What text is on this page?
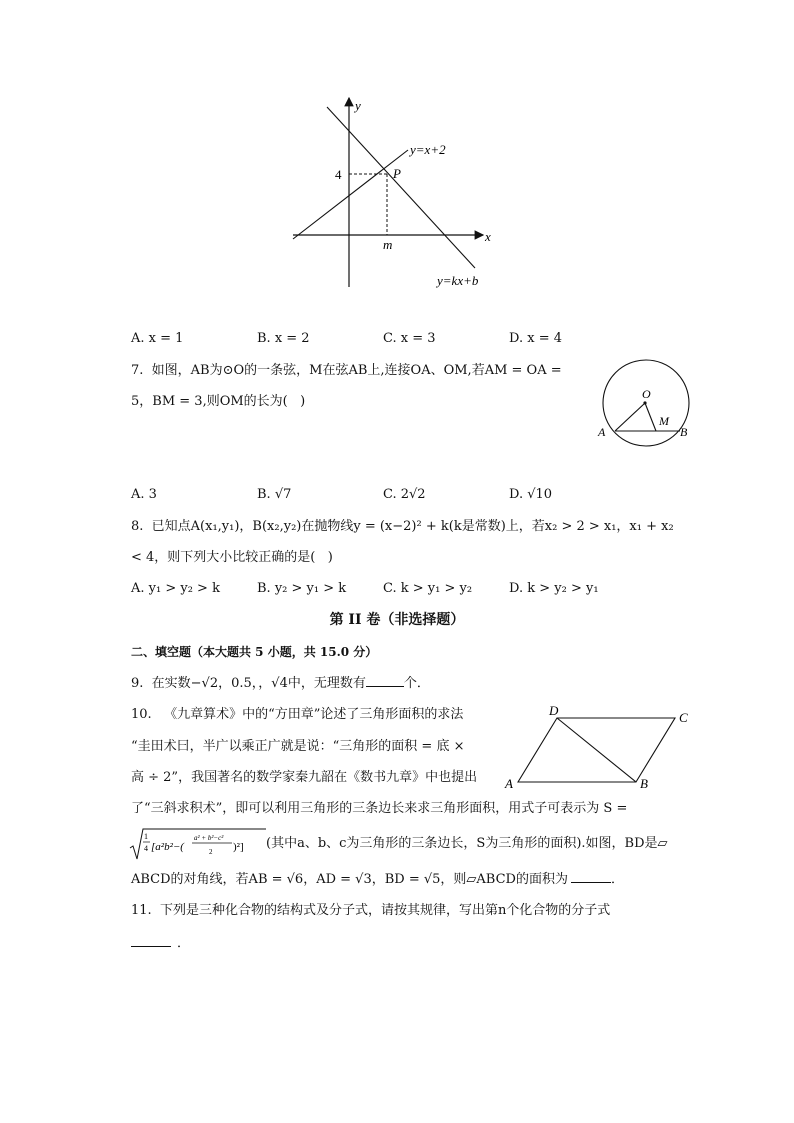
y
x
y=x+2
y=kx+b
P
4
m
A. x = 1	B. x = 2	C. x = 3	D. x = 4
7.  如图，AB为⊙O的一条弦，M在弦AB上,连接OA、OM,若AM = OA =
5，BM = 3,则OM的长为(   )	O
M
A	B
A. 3	B. √7	C. 2√2	D. √10
8.  已知点A(x₁,y₁)，B(x₂,y₂)在抛物线y = (x−2)² + k(k是常数)上，若x₂ > 2 > x₁，x₁ + x₂
< 4，则下列大小比较正确的是(   )
A. y₁ > y₂ > k	B. y₂ > y₁ > k	C. k > y₁ > y₂	D. k > y₂ > y₁
第 II 卷（非选择题）
二、填空题（本大题共 5 小题，共 15.0 分）
9.  在实数−√2，0.5，，√4中，无理数有	个．
10.   《九章算术》中的“方田章”论述了三角形面积的求法
“圭田术曰，半广以乘正广就是说：“三角形的面积 = 底 ×
高 ÷ 2”，我国著名的数学家秦九韶在《数书九章》中也提出 A	B
C
D
了“三斜求积术”，即可以利用三角形的三条边长来求三角形面积，用式子可表示为 S =
1
4 [a²b²−(
a² + b²−c²
2 )²] (其中a、b、c为三角形的三条边长，S为三角形的面积).如图，BD是▱
ABCD的对角线，若AB = √6，AD = √3，BD = √5，则▱ABCD的面积为	．
11.  下列是三种化合物的结构式及分子式，请按其规律，写出第n个化合物的分子式
．
